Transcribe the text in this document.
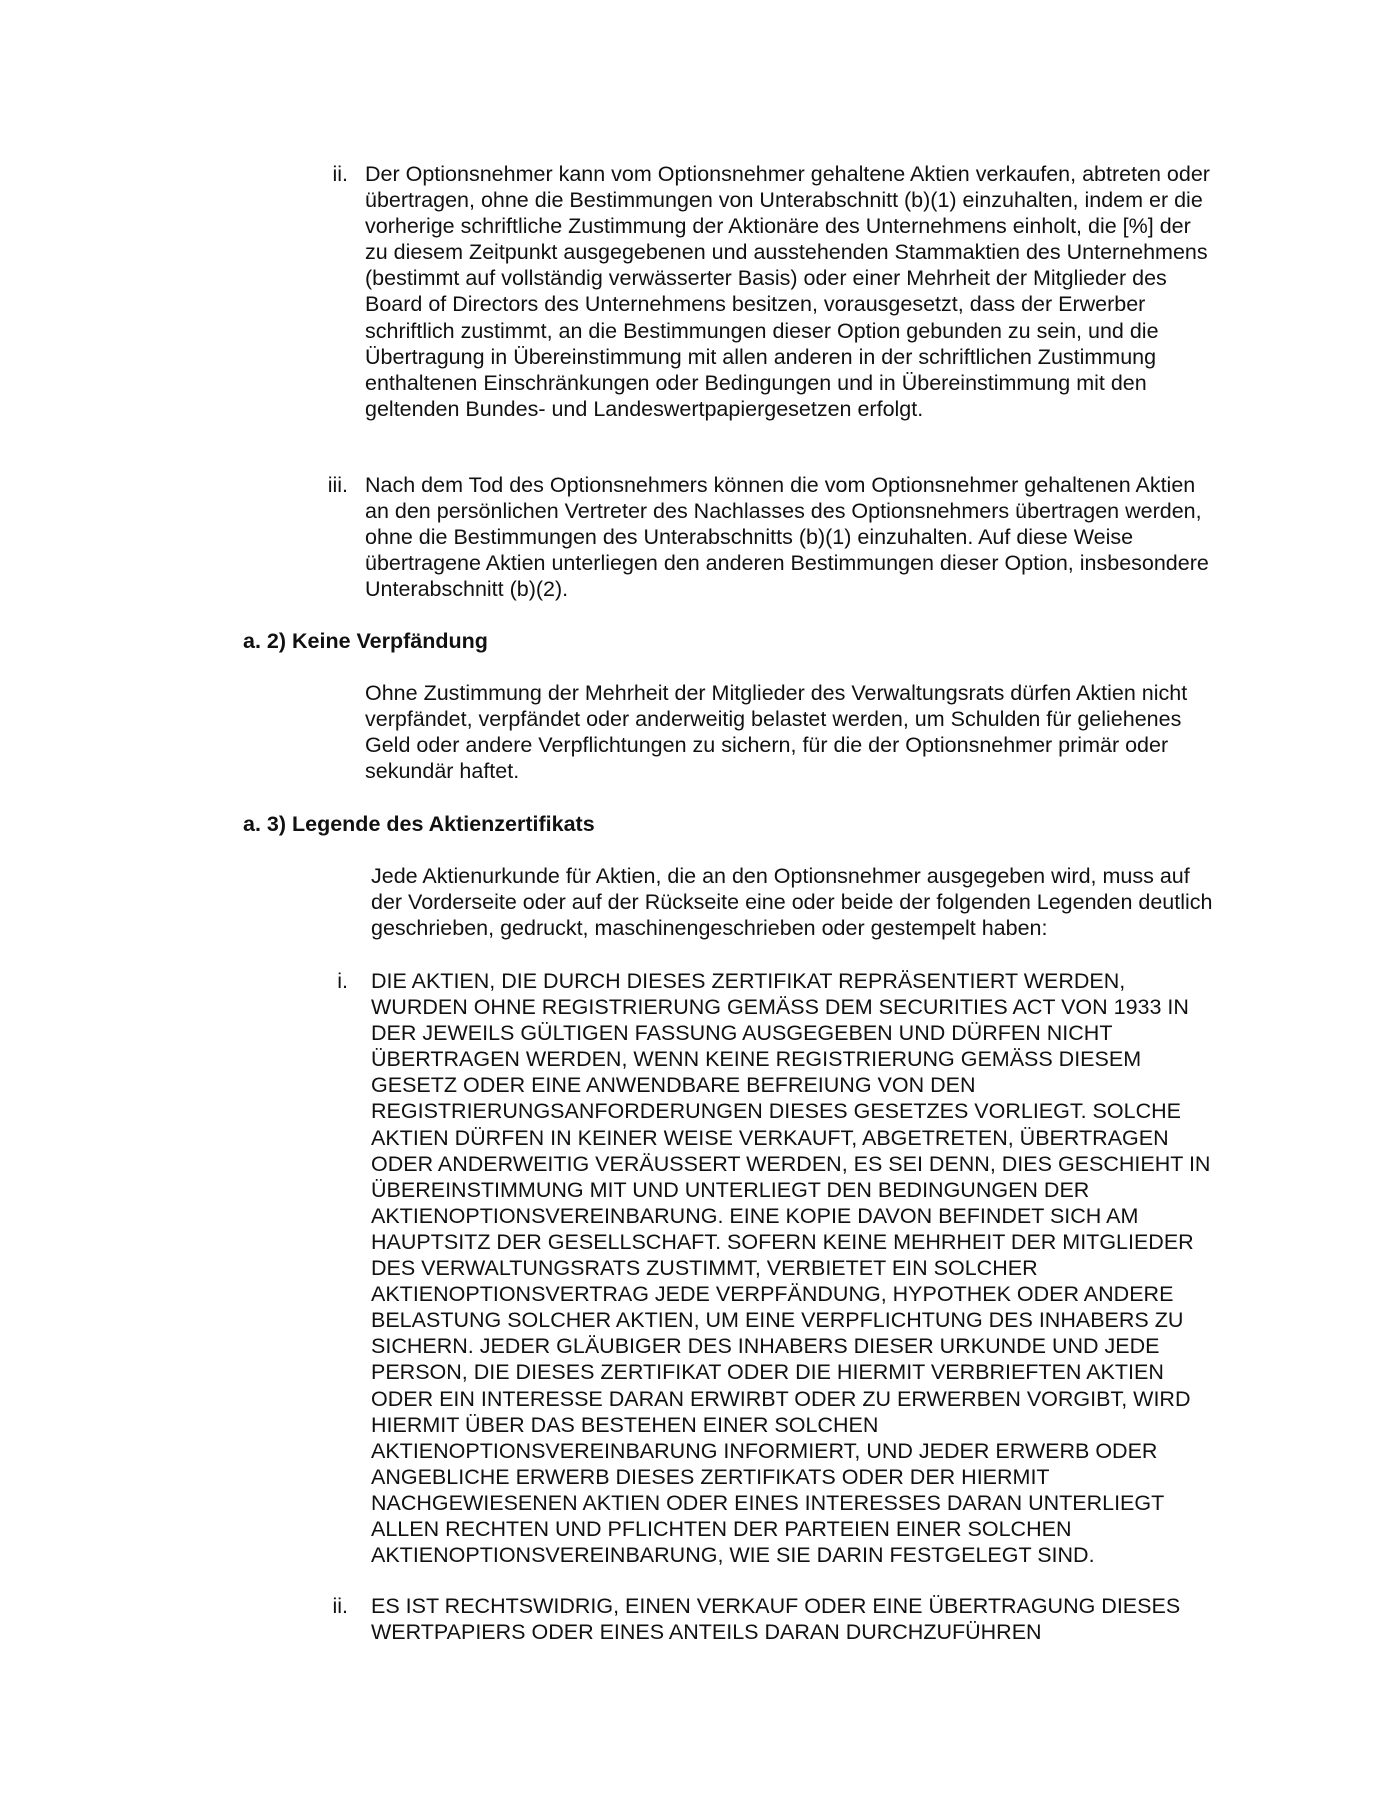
ii. Der Optionsnehmer kann vom Optionsnehmer gehaltene Aktien verkaufen, abtreten oder übertragen, ohne die Bestimmungen von Unterabschnitt (b)(1) einzuhalten, indem er die vorherige schriftliche Zustimmung der Aktionäre des Unternehmens einholt, die [%] der zu diesem Zeitpunkt ausgegebenen und ausstehenden Stammaktien des Unternehmens (bestimmt auf vollständig verwässerter Basis) oder einer Mehrheit der Mitglieder des Board of Directors des Unternehmens besitzen, vorausgesetzt, dass der Erwerber schriftlich zustimmt, an die Bestimmungen dieser Option gebunden zu sein, und die Übertragung in Übereinstimmung mit allen anderen in der schriftlichen Zustimmung enthaltenen Einschränkungen oder Bedingungen und in Übereinstimmung mit den geltenden Bundes- und Landeswertpapiergesetzen erfolgt.
iii. Nach dem Tod des Optionsnehmers können die vom Optionsnehmer gehaltenen Aktien an den persönlichen Vertreter des Nachlasses des Optionsnehmers übertragen werden, ohne die Bestimmungen des Unterabschnitts (b)(1) einzuhalten. Auf diese Weise übertragene Aktien unterliegen den anderen Bestimmungen dieser Option, insbesondere Unterabschnitt (b)(2).
a. 2) Keine Verpfändung
Ohne Zustimmung der Mehrheit der Mitglieder des Verwaltungsrats dürfen Aktien nicht verpfändet, verpfändet oder anderweitig belastet werden, um Schulden für geliehenes Geld oder andere Verpflichtungen zu sichern, für die der Optionsnehmer primär oder sekundär haftet.
a. 3) Legende des Aktienzertifikats
Jede Aktienurkunde für Aktien, die an den Optionsnehmer ausgegeben wird, muss auf der Vorderseite oder auf der Rückseite eine oder beide der folgenden Legenden deutlich geschrieben, gedruckt, maschinengeschrieben oder gestempelt haben:
i. DIE AKTIEN, DIE DURCH DIESES ZERTIFIKAT REPRÄSENTIERT WERDEN, WURDEN OHNE REGISTRIERUNG GEMÄSS DEM SECURITIES ACT VON 1933 IN DER JEWEILS GÜLTIGEN FASSUNG AUSGEGEBEN UND DÜRFEN NICHT ÜBERTRAGEN WERDEN, WENN KEINE REGISTRIERUNG GEMÄSS DIESEM GESETZ ODER EINE ANWENDBARE BEFREIUNG VON DEN REGISTRIERUNGSANFORDERUNGEN DIESES GESETZES VORLIEGT. SOLCHE AKTIEN DÜRFEN IN KEINER WEISE VERKAUFT, ABGETRETEN, ÜBERTRAGEN ODER ANDERWEITIG VERÄUSSERT WERDEN, ES SEI DENN, DIES GESCHIEHT IN ÜBEREINSTIMMUNG MIT UND UNTERLIEGT DEN BEDINGUNGEN DER AKTIENOPTIONSVEREINBARUNG. EINE KOPIE DAVON BEFINDET SICH AM HAUPTSITZ DER GESELLSCHAFT. SOFERN KEINE MEHRHEIT DER MITGLIEDER DES VERWALTUNGSRATS ZUSTIMMT, VERBIETET EIN SOLCHER AKTIENOPTIONSVERTRAG JEDE VERPFÄNDUNG, HYPOTHEK ODER ANDERE BELASTUNG SOLCHER AKTIEN, UM EINE VERPFLICHTUNG DES INHABERS ZU SICHERN. JEDER GLÄUBIGER DES INHABERS DIESER URKUNDE UND JEDE PERSON, DIE DIESES ZERTIFIKAT ODER DIE HIERMIT VERBRIEFTEN AKTIEN ODER EIN INTERESSE DARAN ERWIRBT ODER ZU ERWERBEN VORGIBT, WIRD HIERMIT ÜBER DAS BESTEHEN EINER SOLCHEN AKTIENOPTIONSVEREINBARUNG INFORMIERT, UND JEDER ERWERB ODER ANGEBLICHE ERWERB DIESES ZERTIFIKATS ODER DER HIERMIT NACHGEWIESENEN AKTIEN ODER EINES INTERESSES DARAN UNTERLIEGT ALLEN RECHTEN UND PFLICHTEN DER PARTEIEN EINER SOLCHEN AKTIENOPTIONSVEREINBARUNG, WIE SIE DARIN FESTGELEGT SIND.
ii. ES IST RECHTSWIDRIG, EINEN VERKAUF ODER EINE ÜBERTRAGUNG DIESES WERTPAPIERS ODER EINES ANTEILS DARAN DURCHZUFÜHREN
